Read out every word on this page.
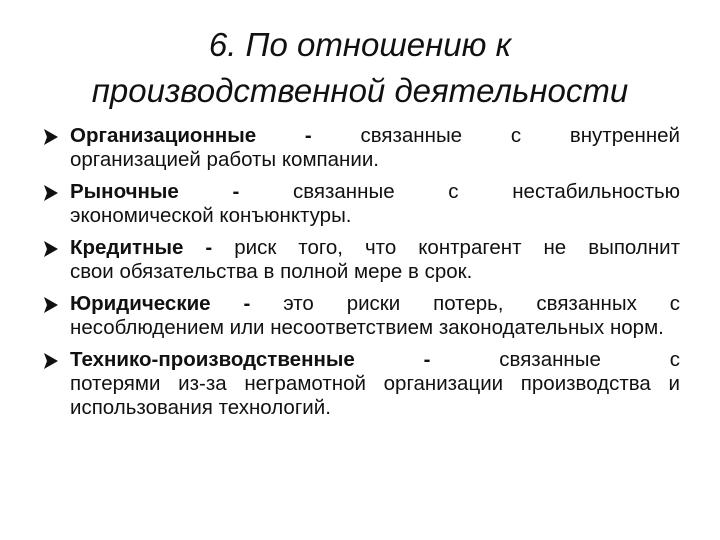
6. По отношению к
производственной деятельности
Организационные - связанные с внутренней
организацией работы компании.
Рыночные - связанные с нестабильностью
экономической конъюнктуры.
Кредитные - риск того, что контрагент не выполнит
свои обязательства в полной мере в срок.
Юридические - это риски потерь, связанных с
несоблюдением или несоответствием законодательных норм.
Технико-производственные - связанные с
потерями из-за неграмотной организации производства и использования технологий.
